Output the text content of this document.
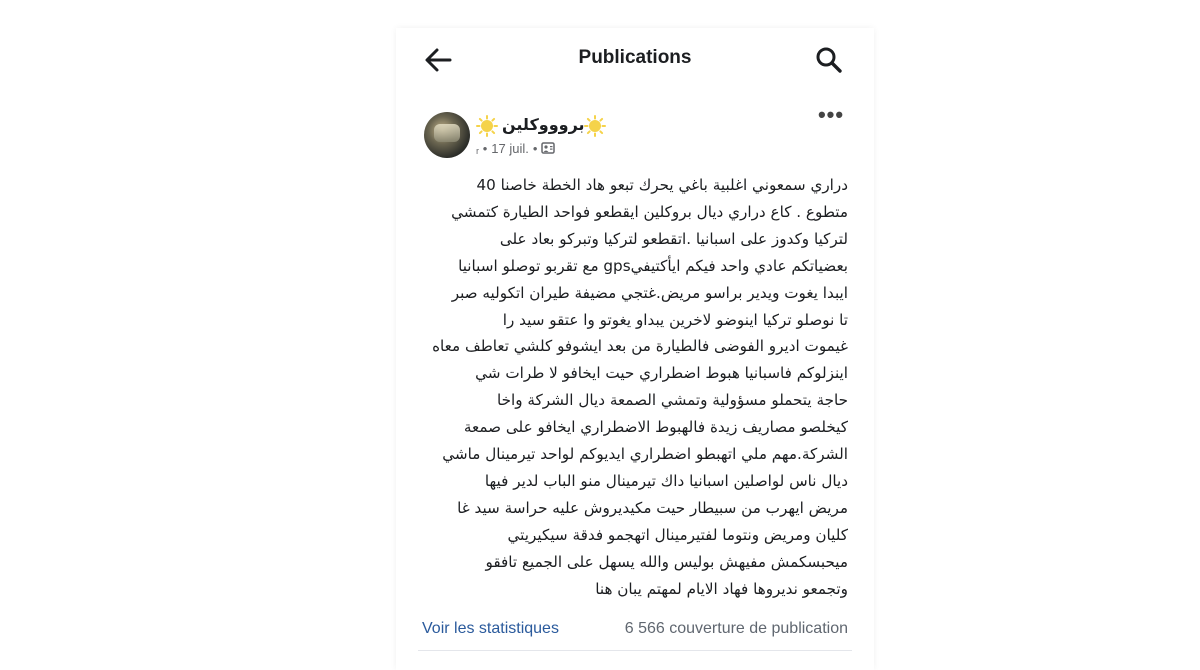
Publications
بروووكلين
ᵣ • 17 juil. •
•••
دراري سمعوني اغلبية باغي يحرك تبعو هاد الخطة خاصنا 40
متطوع . كاع دراري ديال بروكلين ايقطعو فواحد الطيارة كتمشي
لتركيا وكدوز على اسبانيا .اتقطعو لتركيا وتبركو بعاد على
بعضياتكم عادي واحد فيكم ايأكتيفيgps مع تقربو توصلو اسبانيا
ايبدا يغوت ويدير براسو مريض.غتجي مضيفة طيران اتكوليه صبر
تا نوصلو تركيا اينوضو لاخرين يبداو يغوتو وا عتقو سيد را
غيموت اديرو الفوضى فالطيارة من بعد ايشوفو كلشي تعاطف معاه
اينزلوكم فاسبانيا هبوط اضطراري حيت ايخافو لا طرات شي
حاجة يتحملو مسؤولية وتمشي الصمعة ديال الشركة واخا
كيخلصو مصاريف زيدة فالهبوط الاضطراري ايخافو على صمعة
الشركة.مهم ملي اتهبطو اضطراري ايديوكم لواحد تيرمينال ماشي
ديال ناس لواصلين اسبانيا داك تيرمينال منو الباب لدير فيها
مريض ايهرب من سبيطار حيت مكيديروش عليه حراسة سيد غا
كليان ومريض ونتوما لفتيرمينال اتهجمو فدقة سيكيريتي
ميحبسكمش مفيهش بوليس والله يسهل على الجميع تافقو
وتجمعو نديروها فهاد الايام لمهتم يبان هنا
Voir les statistiques	6 566 couverture de publication
